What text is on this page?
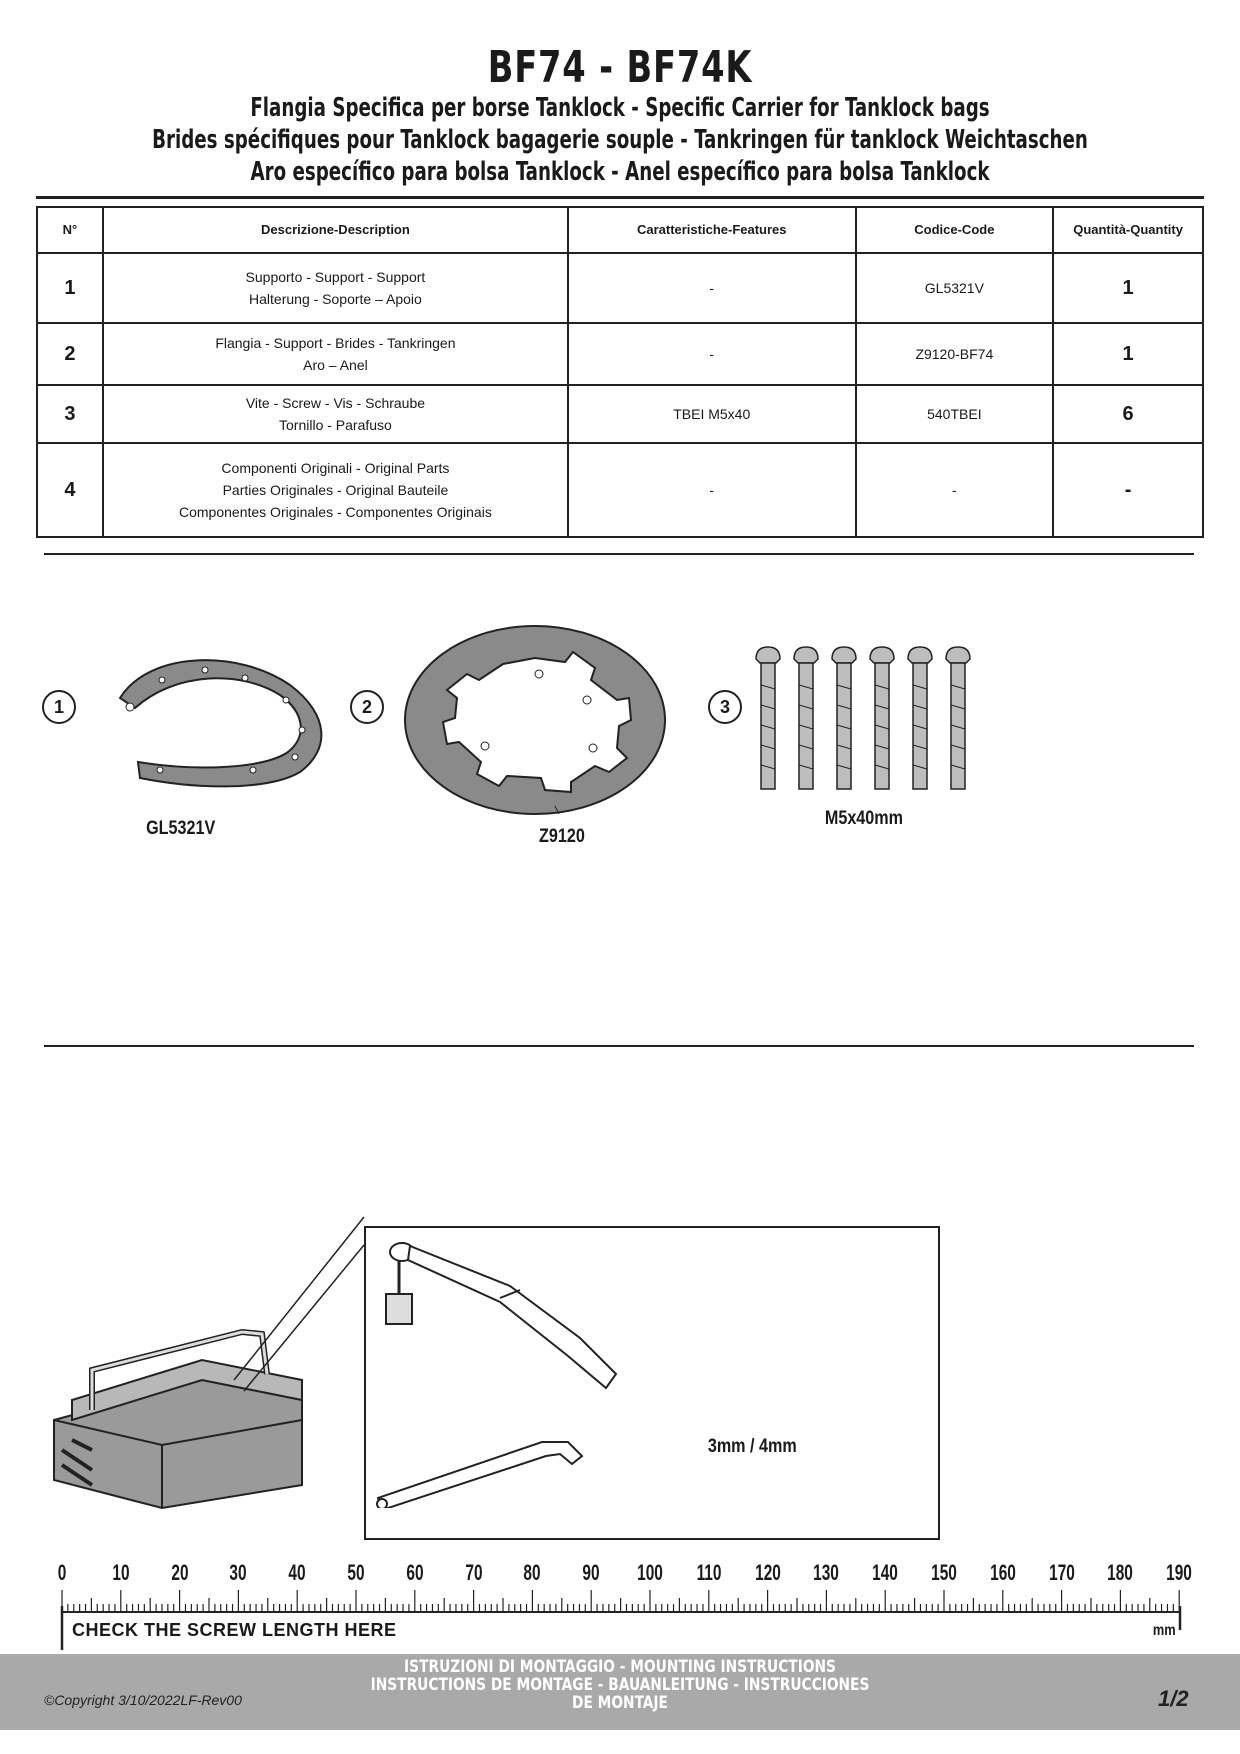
BF74 - BF74K
Flangia Specifica per borse Tanklock - Specific Carrier for Tanklock bags
Brides spécifiques pour Tanklock bagagerie souple - Tankringen für tanklock Weichtaschen
Aro específico para bolsa Tanklock - Anel específico para bolsa Tanklock
N°	Descrizione-Description	Caratteristiche-Features	Codice-Code	Quantità-Quantity
1	Supporto - Support - Support
Halterung - Soporte – Apoio	-	GL5321V	1
2	Flangia - Support - Brides - Tankringen
Aro – Anel	-	Z9120-BF74	1
3	Vite - Screw - Vis - Schraube
Tornillo - Parafuso	TBEI M5x40	540TBEI	6
4	Componenti Originali - Original Parts
Parties Originales - Original Bauteile
Componentes Originales - Componentes Originais	-	-	-
1
GL5321V
2
Z9120
3
M5x40mm
3mm / 4mm
0	10 20 30 40 50 60 70 80 90 100 110 120 130 140 150 160 170 180 190
mm
CHECK THE SCREW LENGTH HERE
ISTRUZIONI DI MONTAGGIO - MOUNTING INSTRUCTIONS
INSTRUCTIONS DE MONTAGE - BAUANLEITUNG - INSTRUCCIONES
DE MONTAJE
©Copyright 3/10/2022LF-Rev00	1/2
